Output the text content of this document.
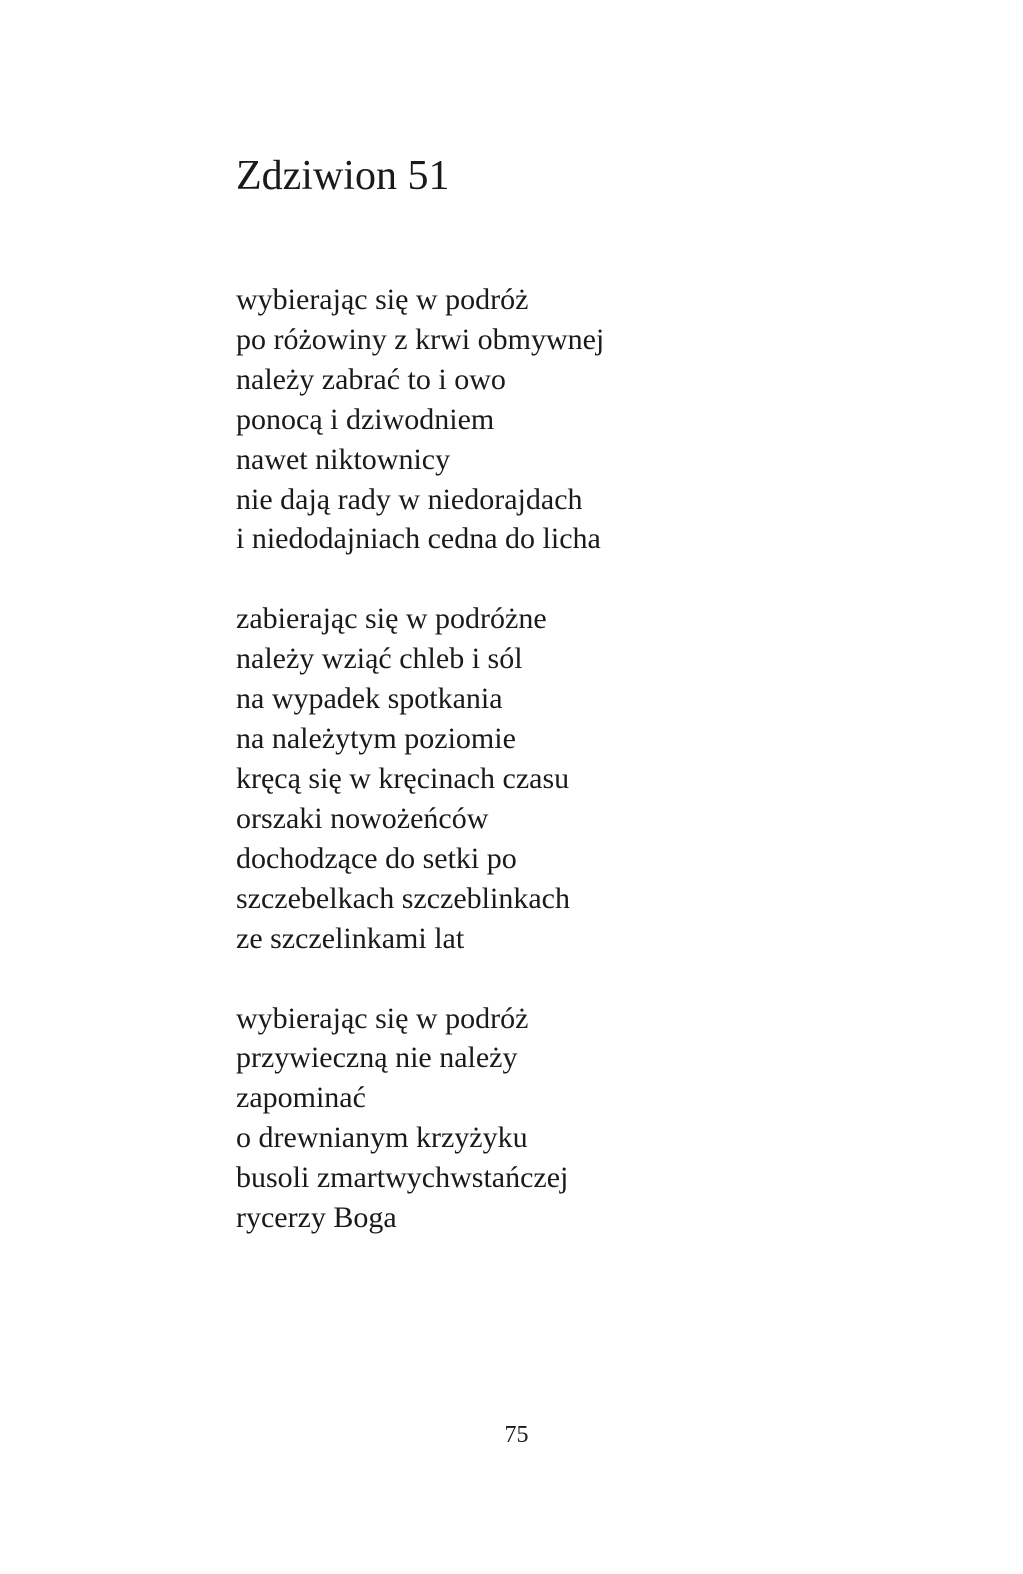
Zdziwion 51
wybierając się w podróż
po różowiny z krwi obmywnej
należy zabrać to i owo
ponocą i dziwodniem
nawet niktownicy
nie dają rady w niedorajdach
i niedodajniach cedna do licha
zabierając się w podróżne
należy wziąć chleb i sól
na wypadek spotkania
na należytym poziomie
kręcą się w kręcinach czasu
orszaki nowożeńców
dochodzące do setki po
szczebelkach szczeblinkach
ze szczelinkami lat
wybierając się w podróż
przywieczną nie należy
zapominać
o drewnianym krzyżyku
busoli zmartwychwstańczej
rycerzy Boga
75
